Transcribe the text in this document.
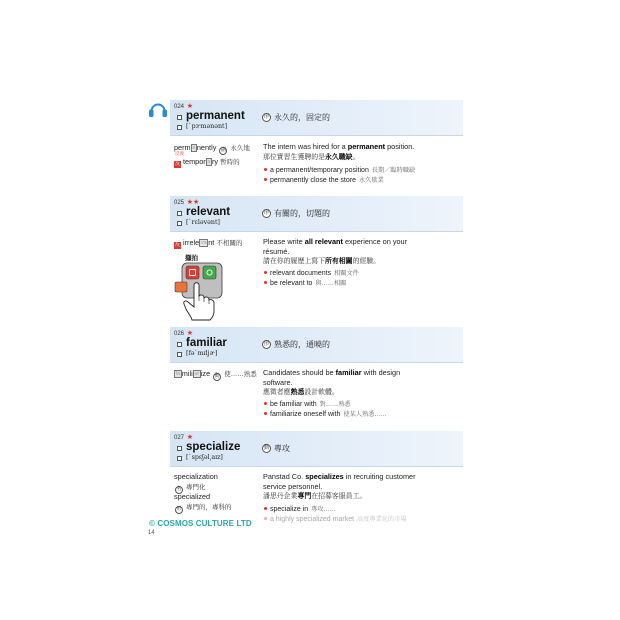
024 ★
permanent
[ˋpɝmənənt]
形 永久的，固定的
perm a nently 副 永久地
反義
反 tempor a ry 暫時的
The intern was hired for a permanent position.
那位實習生獲聘的是永久職缺。
a permanent/temporary position 長期／臨時職缺
permanently close the store 永久歇業
025 ★★
relevant
[ˋrɛləvənt]
形 有關的，切題的
反 irrele va nt 不相關的
擷拍
Please write all relevant experience on your
résumé.
請在你的履歷上寫下所有相關的經驗。
relevant documents 相關文件
be relevant to 與……相關
026 ★
familiar
[fəˋmɪljɚ]
形 熟悉的，通曉的
fa mili ar ize 動 使……熟悉 Candidates should be familiar with design
software.
應徵者應熟悉設計軟體。
be familiar with 對……熟悉
familiarize oneself with 使某人熟悉……
027 ★
specialize
[ˋspɛʃəl͵aɪz]
動 專攻
specialization
名 專門化
specialized
形 專門的，專科的
Panstad Co. specializes in recruiting customer
service personnel.
潘思丹企業專門在招募客服員工。
specialize in 專攻……
a highly specialized market 高度專業化的市場
© COSMOS CULTURE LTD
14
